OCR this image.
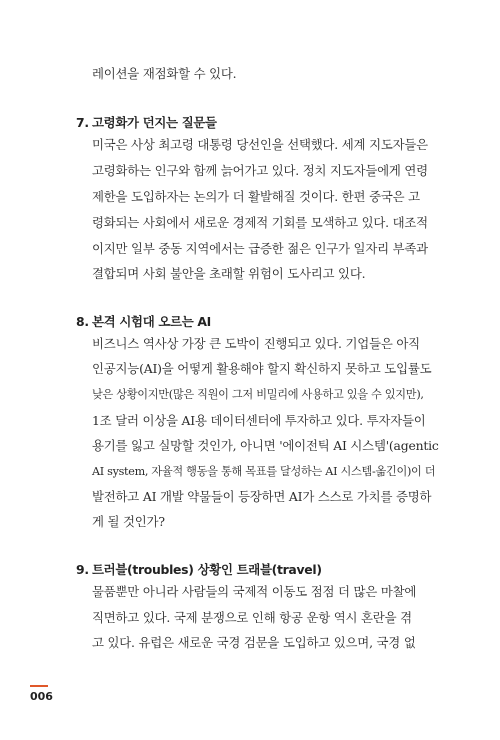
레이션을 재점화할 수 있다.
7. 고령화가 던지는 질문들
미국은 사상 최고령 대통령 당선인을 선택했다. 세계 지도자들은
고령화하는 인구와 함께 늙어가고 있다. 정치 지도자들에게 연령
제한을 도입하자는 논의가 더 활발해질 것이다. 한편 중국은 고
령화되는 사회에서 새로운 경제적 기회를 모색하고 있다. 대조적
이지만 일부 중동 지역에서는 급증한 젊은 인구가 일자리 부족과
결합되며 사회 불안을 초래할 위험이 도사리고 있다.
8. 본격 시험대 오르는 AI
비즈니스 역사상 가장 큰 도박이 진행되고 있다. 기업들은 아직
인공지능(AI)을 어떻게 활용해야 할지 확신하지 못하고 도입률도
낮은 상황이지만(많은 직원이 그저 비밀리에 사용하고 있을 수 있지만),
1조 달러 이상을 AI용 데이터센터에 투자하고 있다. 투자자들이
용기를 잃고 실망할 것인가, 아니면 '에이전틱 AI 시스템'(agentic
AI system, 자율적 행동을 통해 목표를 달성하는 AI 시스템-옮긴이)이 더
발전하고 AI 개발 약물들이 등장하면 AI가 스스로 가치를 증명하
게 될 것인가?
9. 트러블(troubles) 상황인 트래블(travel)
물품뿐만 아니라 사람들의 국제적 이동도 점점 더 많은 마찰에
직면하고 있다. 국제 분쟁으로 인해 항공 운항 역시 혼란을 겪
고 있다. 유럽은 새로운 국경 검문을 도입하고 있으며, 국경 없
006
